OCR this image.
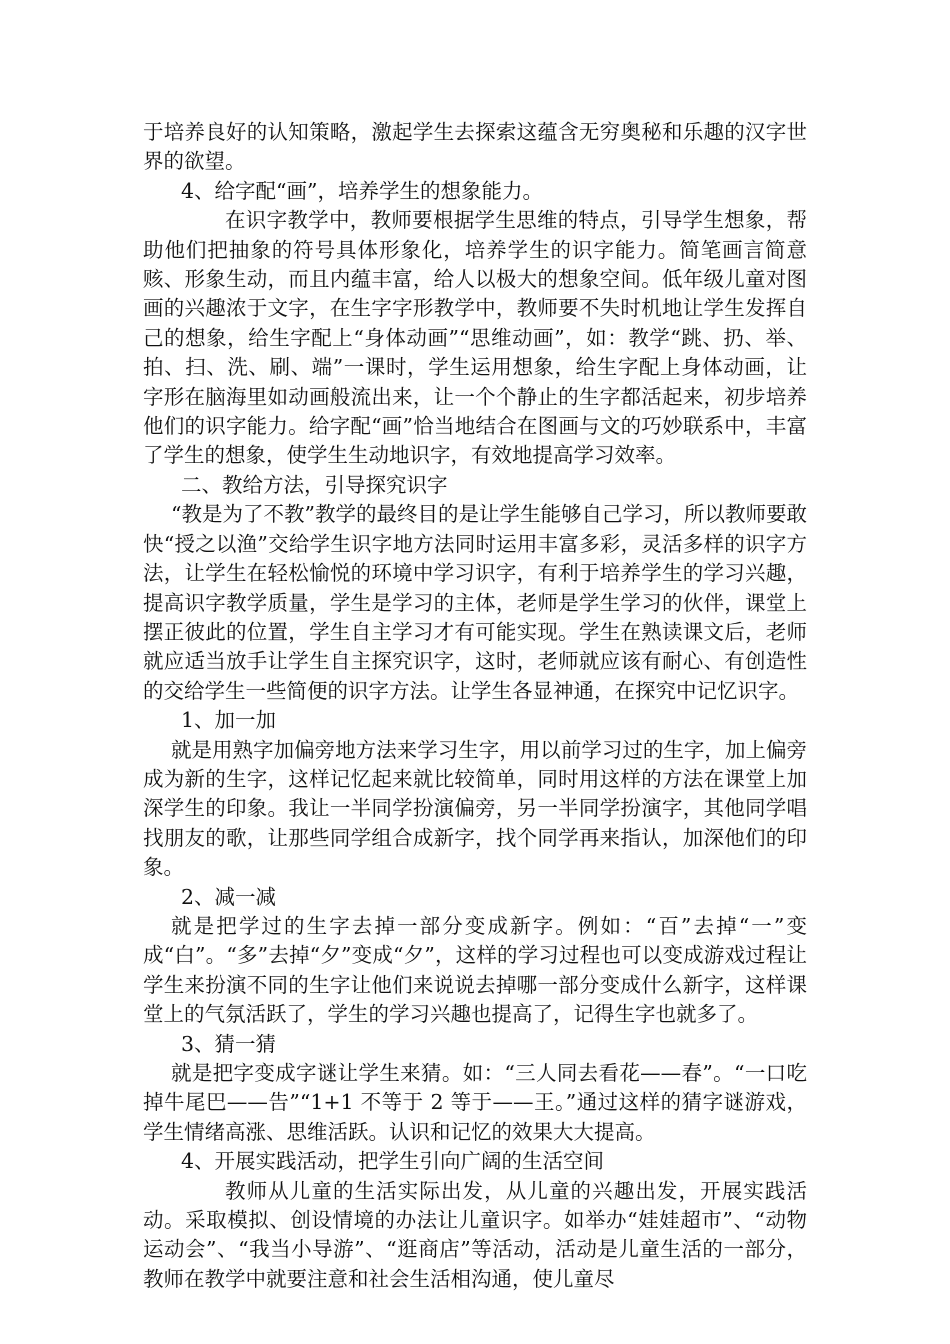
于培养良好的认知策略，激起学生去探索这蕴含无穷奥秘和乐趣的汉字世界的欲望。

4、给字配“画”，培养学生的想象能力。

在识字教学中，教师要根据学生思维的特点，引导学生想象，帮助他们把抽象的符号具体形象化，培养学生的识字能力。简笔画言简意赅、形象生动，而且内蕴丰富，给人以极大的想象空间。低年级儿童对图画的兴趣浓于文字，在生字字形教学中，教师要不失时机地让学生发挥自己的想象，给生字配上“身体动画”“思维动画”，如：教学“跳、扔、举、拍、扫、洗、刷、端”一课时，学生运用想象，给生字配上身体动画，让字形在脑海里如动画般流出来，让一个个静止的生字都活起来，初步培养他们的识字能力。给字配“画”恰当地结合在图画与文的巧妙联系中，丰富了学生的想象，使学生生动地识字，有效地提高学习效率。

二、教给方法，引导探究识字

“教是为了不教”教学的最终目的是让学生能够自己学习，所以教师要敢快“授之以渔”交给学生识字地方法同时运用丰富多彩，灵活多样的识字方法，让学生在轻松愉悦的环境中学习识字，有利于培养学生的学习兴趣，提高识字教学质量，学生是学习的主体，老师是学生学习的伙伴，课堂上摆正彼此的位置，学生自主学习才有可能实现。学生在熟读课文后，老师就应适当放手让学生自主探究识字，这时，老师就应该有耐心、有创造性的交给学生一些简便的识字方法。让学生各显神通，在探究中记忆识字。

1、加一加

就是用熟字加偏旁地方法来学习生字，用以前学习过的生字，加上偏旁成为新的生字，这样记忆起来就比较简单，同时用这样的方法在课堂上加深学生的印象。我让一半同学扮演偏旁，另一半同学扮演字，其他同学唱找朋友的歌，让那些同学组合成新字，找个同学再来指认，加深他们的印象。

2、减一减

就是把学过的生字去掉一部分变成新字。例如：“百”去掉“一”变成“白”。“多”去掉“夕”变成“夕”，这样的学习过程也可以变成游戏过程让学生来扮演不同的生字让他们来说说去掉哪一部分变成什么新字，这样课堂上的气氛活跃了，学生的学习兴趣也提高了，记得生字也就多了。

3、猜一猜

就是把字变成字谜让学生来猜。如：“三人同去看花——春”。“一口吃掉牛尾巴——告”“1+1 不等于 2 等于——王。”通过这样的猜字谜游戏，学生情绪高涨、思维活跃。认识和记忆的效果大大提高。

4、开展实践活动，把学生引向广阔的生活空间

教师从儿童的生活实际出发，从儿童的兴趣出发，开展实践活动。采取模拟、创设情境的办法让儿童识字。如举办“娃娃超市”、“动物运动会”、“我当小导游”、“逛商店”等活动，活动是儿童生活的一部分，教师在教学中就要注意和社会生活相沟通，使儿童尽
